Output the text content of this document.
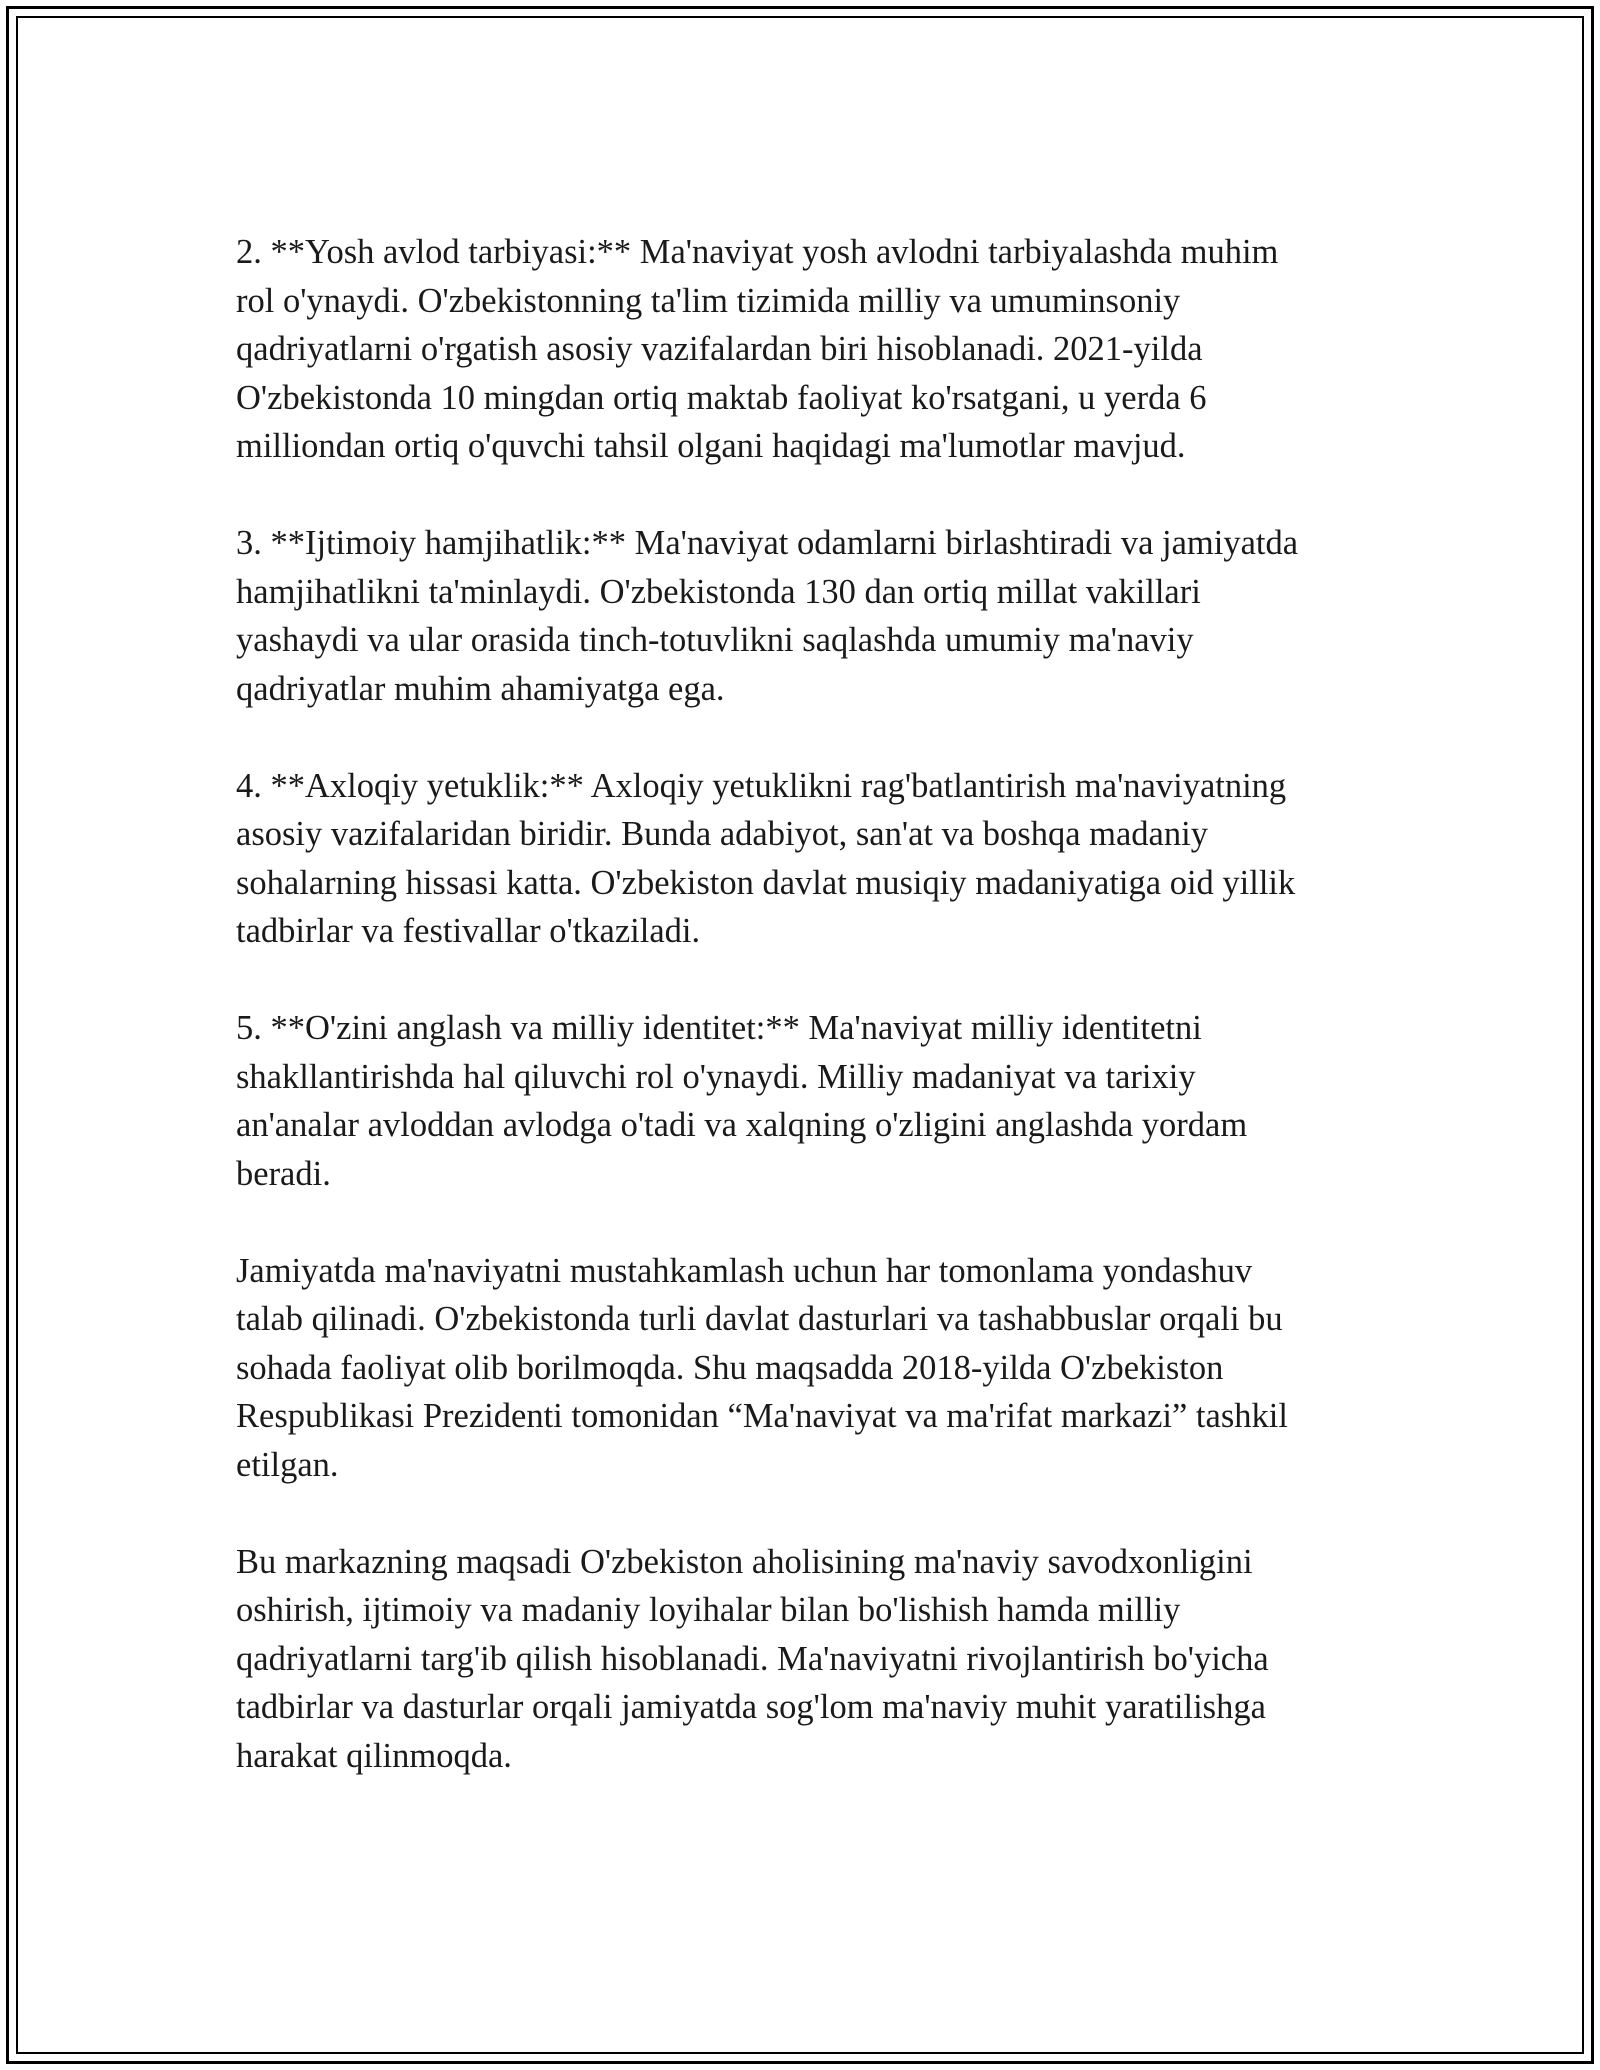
2. **Yosh avlod tarbiyasi:** Ma'naviyat yosh avlodni tarbiyalashda muhim
rol o'ynaydi. O'zbekistonning ta'lim tizimida milliy va umuminsoniy
qadriyatlarni o'rgatish asosiy vazifalardan biri hisoblanadi. 2021-yilda
O'zbekistonda 10 mingdan ortiq maktab faoliyat ko'rsatgani, u yerda 6
milliondan ortiq o'quvchi tahsil olgani haqidagi ma'lumotlar mavjud.

3. **Ijtimoiy hamjihatlik:** Ma'naviyat odamlarni birlashtiradi va jamiyatda
hamjihatlikni ta'minlaydi. O'zbekistonda 130 dan ortiq millat vakillari
yashaydi va ular orasida tinch-totuvlikni saqlashda umumiy ma'naviy
qadriyatlar muhim ahamiyatga ega.

4. **Axloqiy yetuklik:** Axloqiy yetuklikni rag'batlantirish ma'naviyatning
asosiy vazifalaridan biridir. Bunda adabiyot, san'at va boshqa madaniy
sohalarning hissasi katta. O'zbekiston davlat musiqiy madaniyatiga oid yillik
tadbirlar va festivallar o'tkaziladi.

5. **O'zini anglash va milliy identitet:** Ma'naviyat milliy identitetni
shakllantirishda hal qiluvchi rol o'ynaydi. Milliy madaniyat va tarixiy
an'analar avloddan avlodga o'tadi va xalqning o'zligini anglashda yordam
beradi.

Jamiyatda ma'naviyatni mustahkamlash uchun har tomonlama yondashuv
talab qilinadi. O'zbekistonda turli davlat dasturlari va tashabbuslar orqali bu
sohada faoliyat olib borilmoqda. Shu maqsadda 2018-yilda O'zbekiston
Respublikasi Prezidenti tomonidan “Ma'naviyat va ma'rifat markazi” tashkil
etilgan.

Bu markazning maqsadi O'zbekiston aholisining ma'naviy savodxonligini
oshirish, ijtimoiy va madaniy loyihalar bilan bo'lishish hamda milliy
qadriyatlarni targ'ib qilish hisoblanadi. Ma'naviyatni rivojlantirish bo'yicha
tadbirlar va dasturlar orqali jamiyatda sog'lom ma'naviy muhit yaratilishga
harakat qilinmoqda.
